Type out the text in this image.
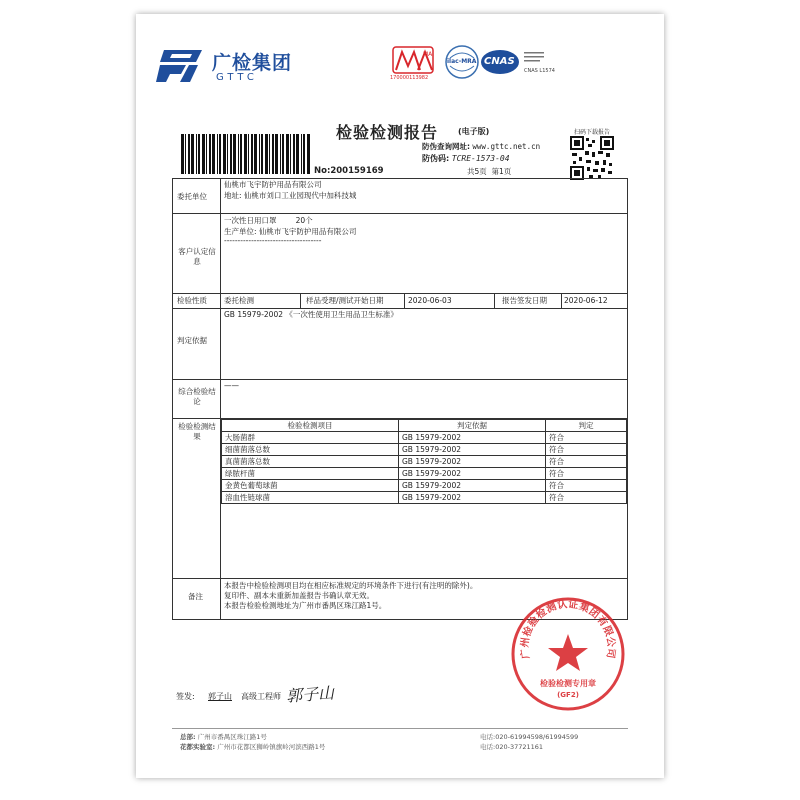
广检集团
GTTC
MA
170000113982
ilac-MRA CNAS
CNAS L1574
检验检测报告 (电子版)	扫码下载报告
防伪查询网址: www.gttc.net.cn
防伪码: TCRE-1573-04
共5页  第1页
No:200159169
委托单位
仙桃市飞宇防护用品有限公司
地址: 仙桃市刘口工业园现代中加科技城
客户认定信息
一次性日用口罩        20个
生产单位: 仙桃市飞宇防护用品有限公司
------------------------------------
检验性质 委托检测	样品受理/测试开始日期	2020-06-03	报告签发日期 2020-06-12
判定依据
GB 15979-2002 《一次性使用卫生用品卫生标准》
综合检验结论
——
检验检测结果
检验检测项目	判定依据	判定
大肠菌群	GB 15979-2002	符合
细菌菌落总数	GB 15979-2002	符合
真菌菌落总数	GB 15979-2002	符合
绿脓杆菌	GB 15979-2002	符合
金黄色葡萄球菌	GB 15979-2002	符合
溶血性链球菌	GB 15979-2002	符合
备注
本报告中检验检测项目均在相应标准规定的环境条件下进行(有注明的除外)。
复印件、副本未重新加盖报告书确认章无效。
本报告检验检测地址为广州市番禺区珠江路1号。
签发: 郭子山 高级工程师 郭子山
广州检验检测认证集团有限公司
检验检测专用章
(GF2)
总部: 广州市番禺区珠江路1号
花都实验室: 广州市花都区狮岭镇旗岭河滨西路1号
电话:020-61994598/61994599
电话:020-37721161
